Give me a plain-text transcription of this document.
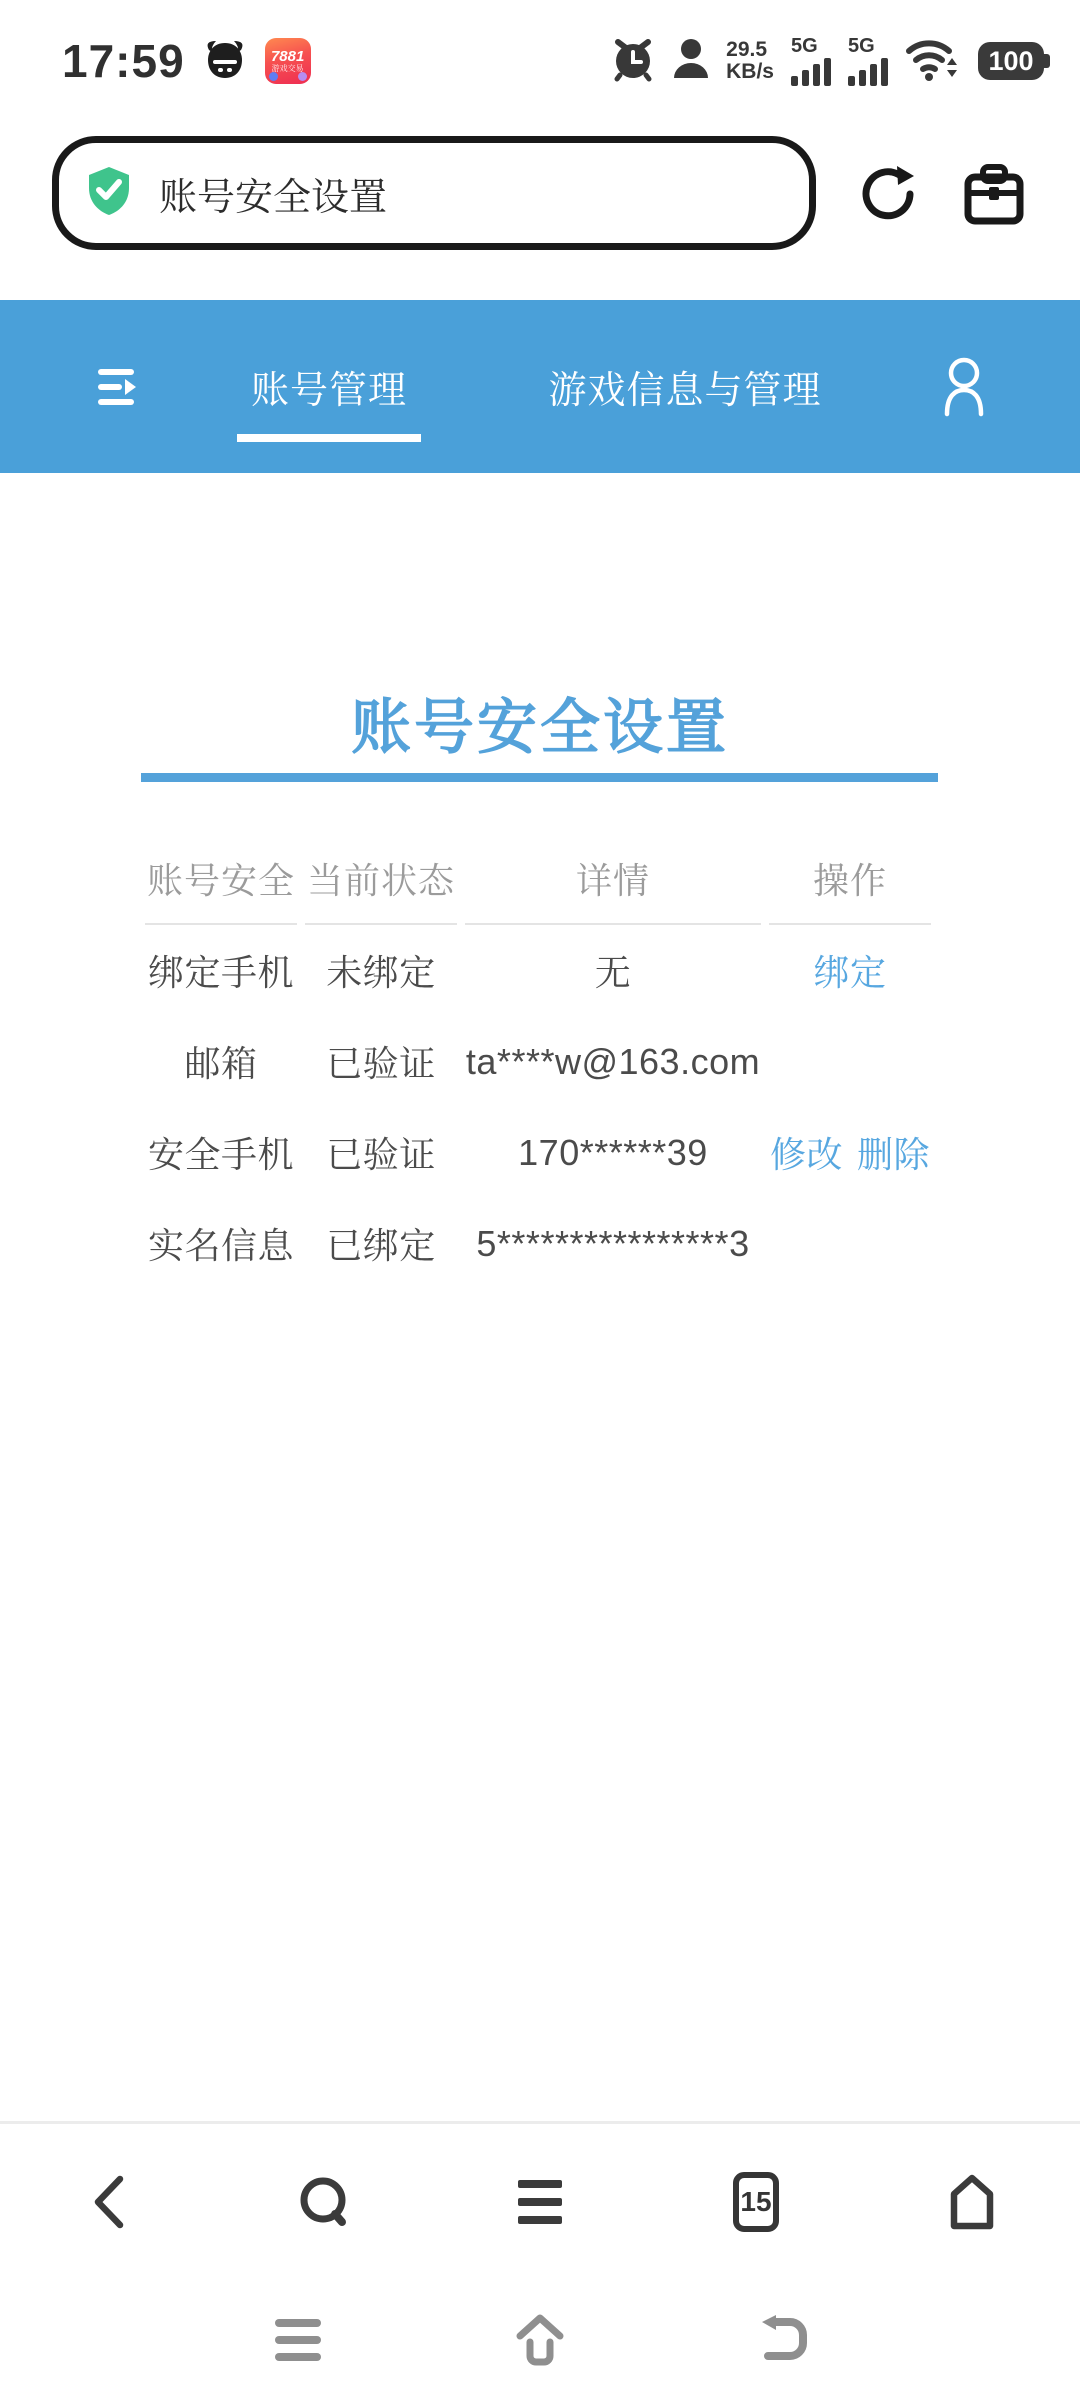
17:59	7881
游戏交易
29.5
KB/s
5G 5G	100
账号安全设置
账号管理	游戏信息与管理
账号安全设置
账号安全	当前状态	详情	操作
绑定手机	未绑定	无	绑定
邮箱	已验证	ta****w@163.com	
安全手机	已验证	170******39	修改 删除

实名信息	已绑定	5****************3	
15
